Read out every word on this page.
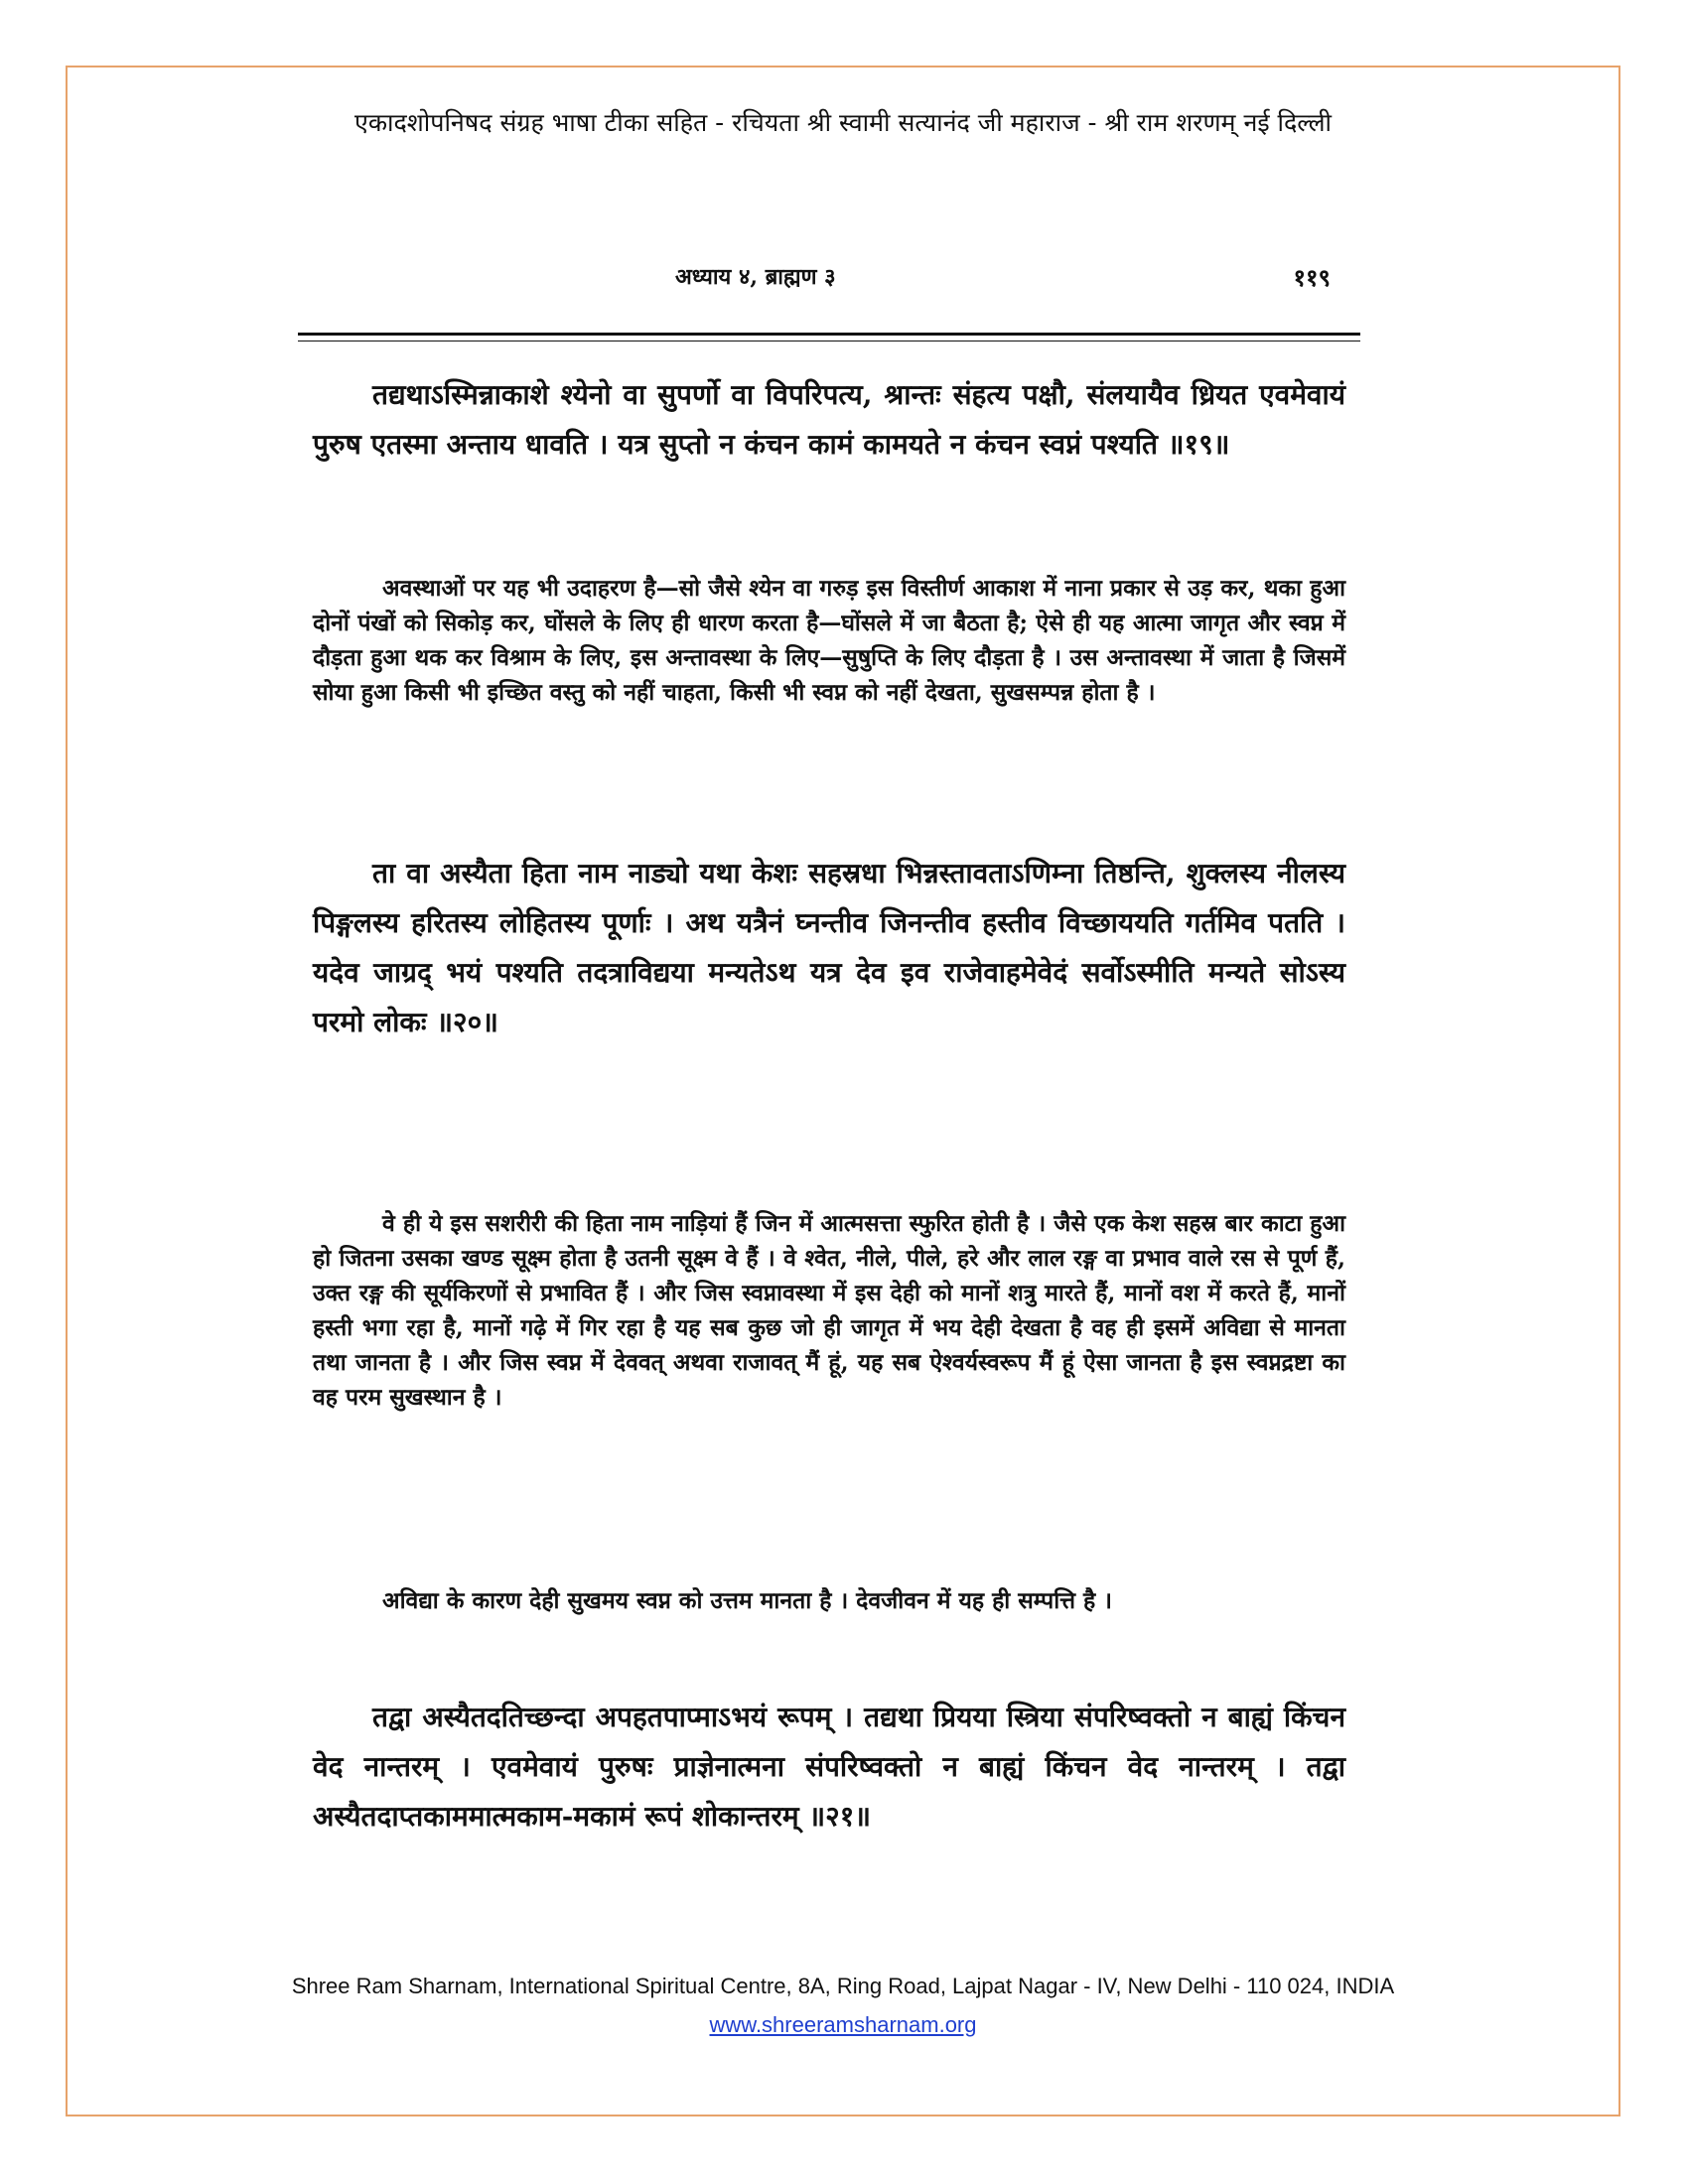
एकादशोपनिषद संग्रह भाषा टीका सहित - रचियता श्री स्वामी सत्यानंद जी महाराज - श्री राम शरणम् नई दिल्ली
अध्याय ४, ब्राह्मण ३	११९

तद्यथाऽस्मिन्नाकाशे श्येनो वा सुपर्णो वा विपरिपत्य, श्रान्तः संहत्य पक्षौ, संलयायैव ध्रियत एवमेवायं पुरुष एतस्मा अन्ताय धावति । यत्र सुप्तो न कंचन कामं कामयते न कंचन स्वप्नं पश्यति ॥१९॥

अवस्थाओं पर यह भी उदाहरण है—सो जैसे श्येन वा गरुड़ इस विस्तीर्ण आकाश में नाना प्रकार से उड़ कर, थका हुआ दोनों पंखों को सिकोड़ कर, घोंसले के लिए ही धारण करता है—घोंसले में जा बैठता है; ऐसे ही यह आत्मा जागृत और स्वप्न में दौड़ता हुआ थक कर विश्राम के लिए, इस अन्तावस्था के लिए—सुषुप्ति के लिए दौड़ता है । उस अन्तावस्था में जाता है जिसमें सोया हुआ किसी भी इच्छित वस्तु को नहीं चाहता, किसी भी स्वप्न को नहीं देखता, सुखसम्पन्न होता है ।

ता वा अस्यैता हिता नाम नाड्यो यथा केशः सहस्रधा भिन्नस्तावताऽणिम्ना तिष्ठन्ति, शुक्लस्य नीलस्य पिङ्गलस्य हरितस्य लोहितस्य पूर्णाः । अथ यत्रैनं घ्नन्तीव जिनन्तीव हस्तीव विच्छाययति गर्तमिव पतति । यदेव जाग्रद् भयं पश्यति तदत्राविद्यया मन्यतेऽथ यत्र देव इव राजेवाहमेवेदं सर्वोऽस्मीति मन्यते सोऽस्य परमो लोकः ॥२०॥

वे ही ये इस सशरीरी की हिता नाम नाड़ियां हैं जिन में आत्मसत्ता स्फुरित होती है । जैसे एक केश सहस्र बार काटा हुआ हो जितना उसका खण्ड सूक्ष्म होता है उतनी सूक्ष्म वे हैं । वे श्वेत, नीले, पीले, हरे और लाल रङ्ग वा प्रभाव वाले रस से पूर्ण हैं, उक्त रङ्ग की सूर्यकिरणों से प्रभावित हैं । और जिस स्वप्नावस्था में इस देही को मानों शत्रु मारते हैं, मानों वश में करते हैं, मानों हस्ती भगा रहा है, मानों गढ़े में गिर रहा है यह सब कुछ जो ही जागृत में भय देही देखता है वह ही इसमें अविद्या से मानता तथा जानता है । और जिस स्वप्न में देववत् अथवा राजावत् मैं हूं, यह सब ऐश्वर्यस्वरूप मैं हूं ऐसा जानता है इस स्वप्नद्रष्टा का वह परम सुखस्थान है ।

अविद्या के कारण देही सुखमय स्वप्न को उत्तम मानता है । देवजीवन में यह ही सम्पत्ति है ।

तद्वा अस्यैतदतिच्छन्दा अपहतपाप्माऽभयं रूपम् । तद्यथा प्रियया स्त्रिया संपरिष्वक्तो न बाह्यं किंचन वेद नान्तरम् । एवमेवायं पुरुषः प्राज्ञेनात्मना संपरिष्वक्तो न बाह्यं किंचन वेद नान्तरम् । तद्वा अस्यैतदाप्तकाममात्मकाम-मकामं रूपं शोकान्तरम् ॥२१॥

Shree Ram Sharnam, International Spiritual Centre, 8A, Ring Road, Lajpat Nagar - IV, New Delhi - 110 024, INDIA
www.shreeramsharnam.org
